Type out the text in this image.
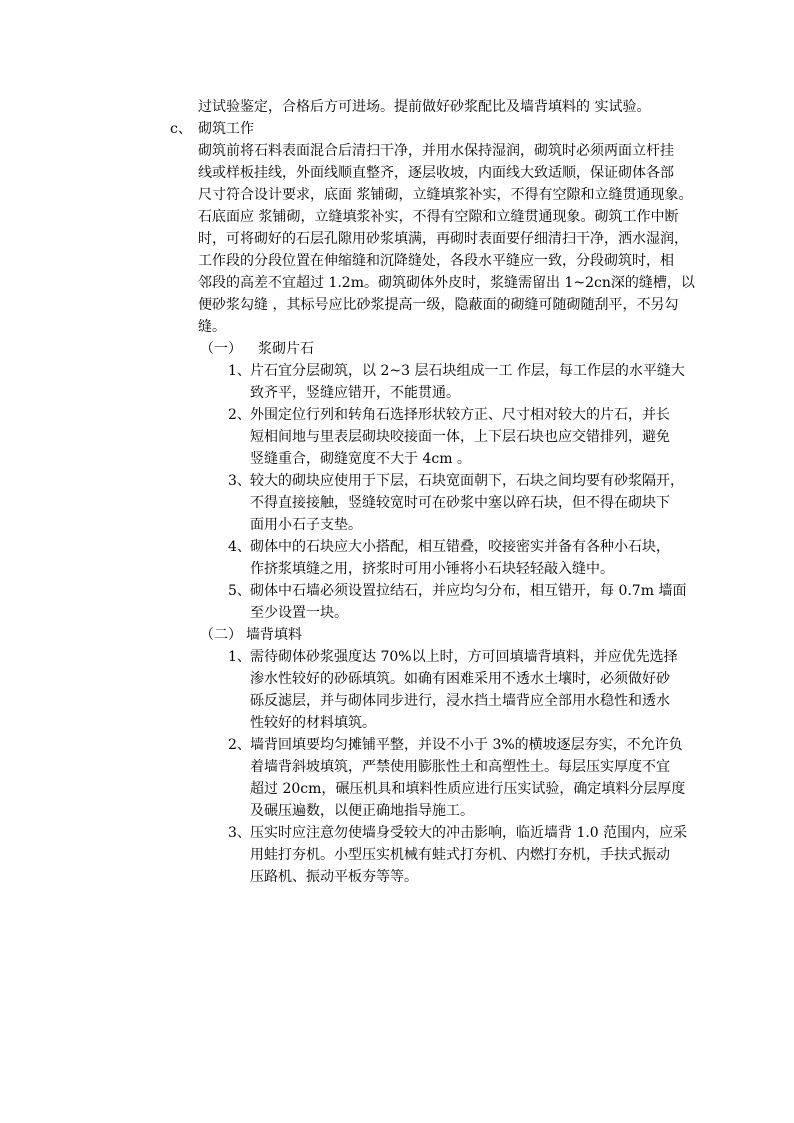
过试验鉴定，合格后方可进场。提前做好砂浆配比及墙背填料的 实试验。
c、 砌筑工作
砌筑前将石料表面混合后清扫干净，并用水保持湿润，砌筑时必须两面立杆挂
线或样板挂线，外面线顺直整齐，逐层收坡，内面线大致适顺，保证砌体各部
尺寸符合设计要求，底面 浆铺砌，立缝填浆补实，不得有空隙和立缝贯通现象。
石底面应 浆铺砌，立缝填浆补实，不得有空隙和立缝贯通现象。砌筑工作中断
时，可将砌好的石层孔隙用砂浆填满，再砌时表面要仔细清扫干净，洒水湿润，
工作段的分段位置在伸缩缝和沉降缝处，各段水平缝应一致，分段砌筑时，相
邻段的高差不宜超过 1.2m。砌筑砌体外皮时，浆缝需留出 1~2cn深的缝槽，以
便砂浆勾缝 ，其标号应比砂浆提高一级，隐蔽面的砌缝可随砌随刮平，不另勾
缝。
（一） 浆砌片石
1、 片石宜分层砌筑，以 2~3 层石块组成一工 作层，每工作层的水平缝大
致齐平，竖缝应错开，不能贯通。
2、 外围定位行列和转角石选择形状较方正、尺寸相对较大的片石，并长
短相间地与里表层砌块咬接面一体，上下层石块也应交错排列，避免
竖缝重合，砌缝宽度不大于 4cm 。
3、 较大的砌块应使用于下层，石块宽面朝下，石块之间均要有砂浆隔开，
不得直接接触，竖缝较宽时可在砂浆中塞以碎石块，但不得在砌块下
面用小石子支垫。
4、 砌体中的石块应大小搭配，相互错叠，咬接密实并备有各种小石块，
作挤浆填缝之用，挤浆时可用小锤将小石块轻轻敲入缝中。
5、 砌体中石墙必须设置拉结石，并应均匀分布，相互错开，每 0.7m 墙面
至少设置一块。
（二） 墙背填料
1、 需待砌体砂浆强度达 70%以上时，方可回填墙背填料，并应优先选择
渗水性较好的砂砾填筑。如确有困难采用不透水土壤时，必须做好砂
砾反滤层，并与砌体同步进行，浸水挡土墙背应全部用水稳性和透水
性较好的材料填筑。
2、 墙背回填要均匀摊铺平整，并设不小于 3%的横坡逐层夯实，不允许负
着墙背斜坡填筑，严禁使用膨胀性土和高塑性土。每层压实厚度不宜
超过 20cm，碾压机具和填料性质应进行压实试验，确定填料分层厚度
及碾压遍数，以便正确地指导施工。
3、 压实时应注意勿使墙身受较大的冲击影响，临近墙背 1.0 范围内，应采
用蛙打夯机。小型压实机械有蛙式打夯机、内燃打夯机，手扶式振动
压路机、振动平板夯等等。
